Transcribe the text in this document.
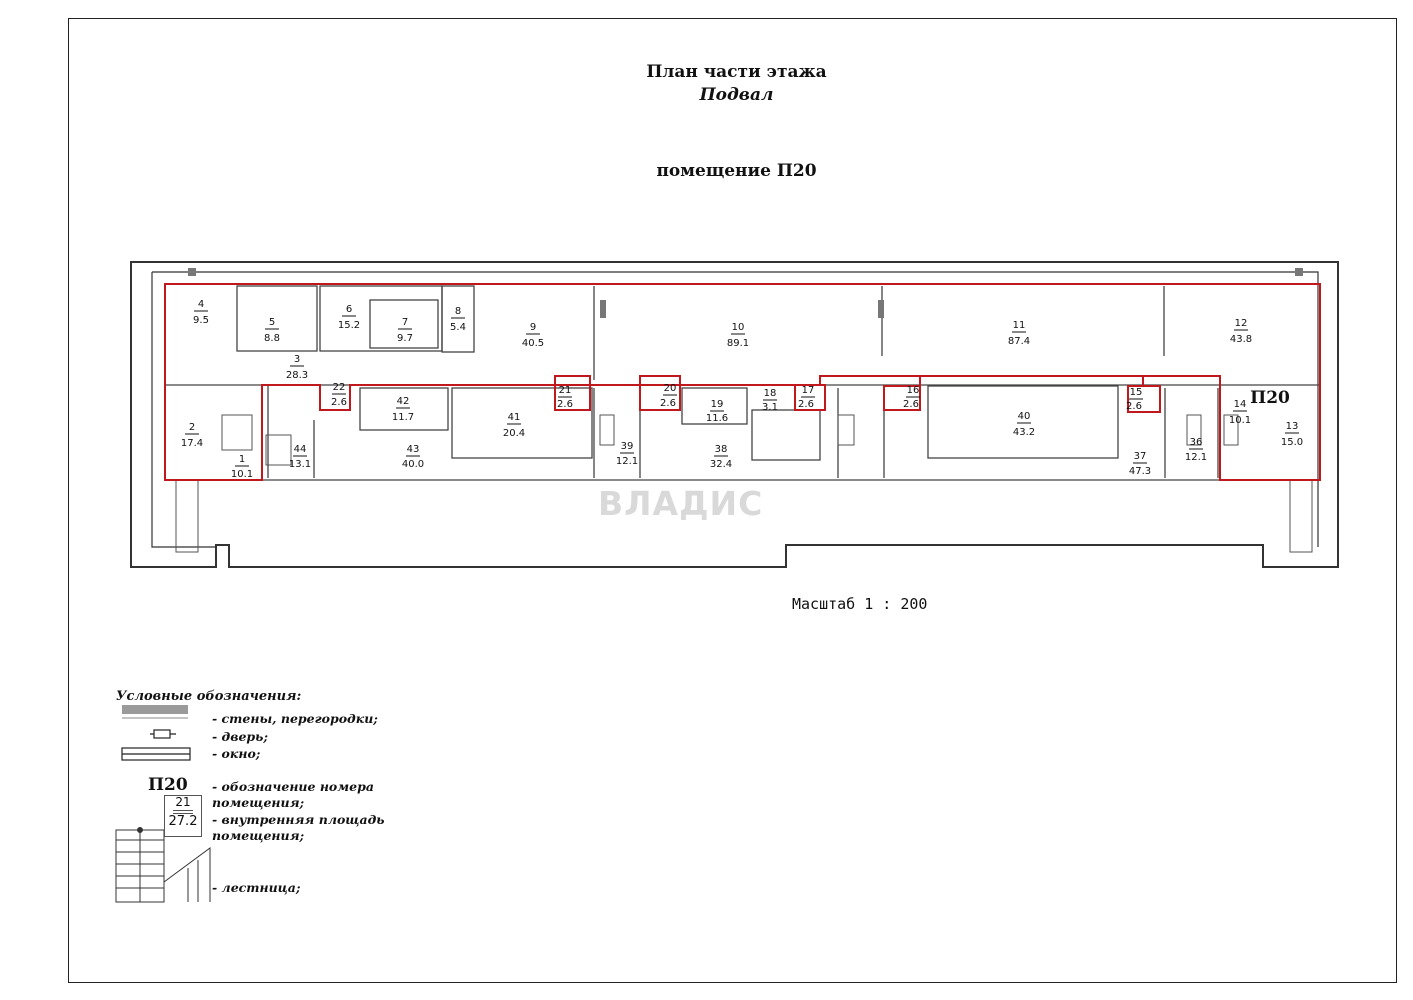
План части этажа
Подвал
помещение П20
4
9.5	5
8.8
6
15.2	7
9.7
8
5.4
3
28.3
9
40.5
10
89.1
11
87.4
12
43.8
22
2.6
21
2.6
20
2.6	19
11.6
18
3.1
17
2.6
16
2.6
15
2.6
2
17.4
1
10.1
42
11.7	41
20.4
44
13.1
43
40.0
39
12.1
38
32.4
40
43.2
37
47.3
36
12.1
14
10.1
13
15.0
П20
ВЛАДИС
Масштаб 1 : 200
Условные обозначения:
- стены, перегородки;
- дверь;
- окно;
П20 - обозначение номера
помещения;
21
27.2 - внутренняя площадь
помещения;
- лестница;
